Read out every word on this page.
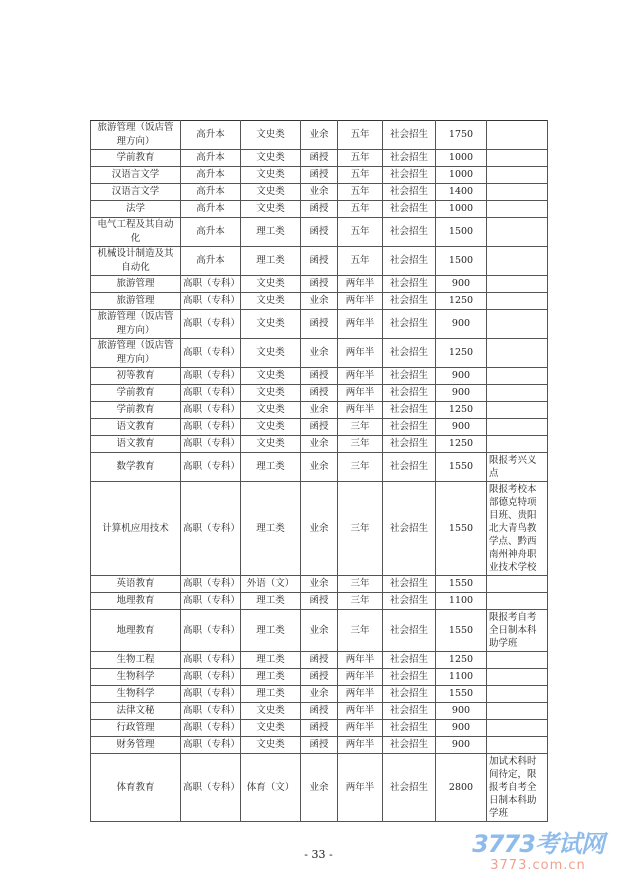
旅游管理（饭店管理方向）	高升本	文史类	业余	五年	社会招生	1750	
学前教育	高升本	文史类	函授	五年	社会招生	1000	
汉语言文学	高升本	文史类	函授	五年	社会招生	1000	
汉语言文学	高升本	文史类	业余	五年	社会招生	1400	
法学	高升本	文史类	函授	五年	社会招生	1000	
电气工程及其自动化	高升本	理工类	函授	五年	社会招生	1500	
机械设计制造及其自动化	高升本	理工类	函授	五年	社会招生	1500	
旅游管理	高职（专科）	文史类	函授	两年半	社会招生	900	
旅游管理	高职（专科）	文史类	业余	两年半	社会招生	1250	
旅游管理（饭店管理方向）	高职（专科）	文史类	函授	两年半	社会招生	900	
旅游管理（饭店管理方向）	高职（专科）	文史类	业余	两年半	社会招生	1250	
初等教育	高职（专科）	文史类	函授	两年半	社会招生	900	
学前教育	高职（专科）	文史类	函授	两年半	社会招生	900	
学前教育	高职（专科）	文史类	业余	两年半	社会招生	1250	
语文教育	高职（专科）	文史类	函授	三年	社会招生	900	
语文教育	高职（专科）	文史类	业余	三年	社会招生	1250	
数学教育	高职（专科）	理工类	业余	三年	社会招生	1550	限报考兴义点
计算机应用技术	高职（专科）	理工类	业余	三年	社会招生	1550	限报考校本部德克特项目班、贵阳北大青鸟教学点、黔西南州神舟职业技术学校
英语教育	高职（专科）	外语（文）	业余	三年	社会招生	1550	
地理教育	高职（专科）	理工类	函授	三年	社会招生	1100	
地理教育	高职（专科）	理工类	业余	三年	社会招生	1550	限报考自考全日制本科助学班
生物工程	高职（专科）	理工类	函授	两年半	社会招生	1250	
生物科学	高职（专科）	理工类	函授	两年半	社会招生	1100	
生物科学	高职（专科）	理工类	业余	两年半	社会招生	1550	
法律文秘	高职（专科）	文史类	函授	两年半	社会招生	900	
行政管理	高职（专科）	文史类	函授	两年半	社会招生	900	
财务管理	高职（专科）	文史类	函授	两年半	社会招生	900	
体育教育	高职（专科）	体育（文）	业余	两年半	社会招生	2800	加试术科时间待定，限报考自考全日制本科助学班
- 33 -	3773考试网
3773.com.cn
